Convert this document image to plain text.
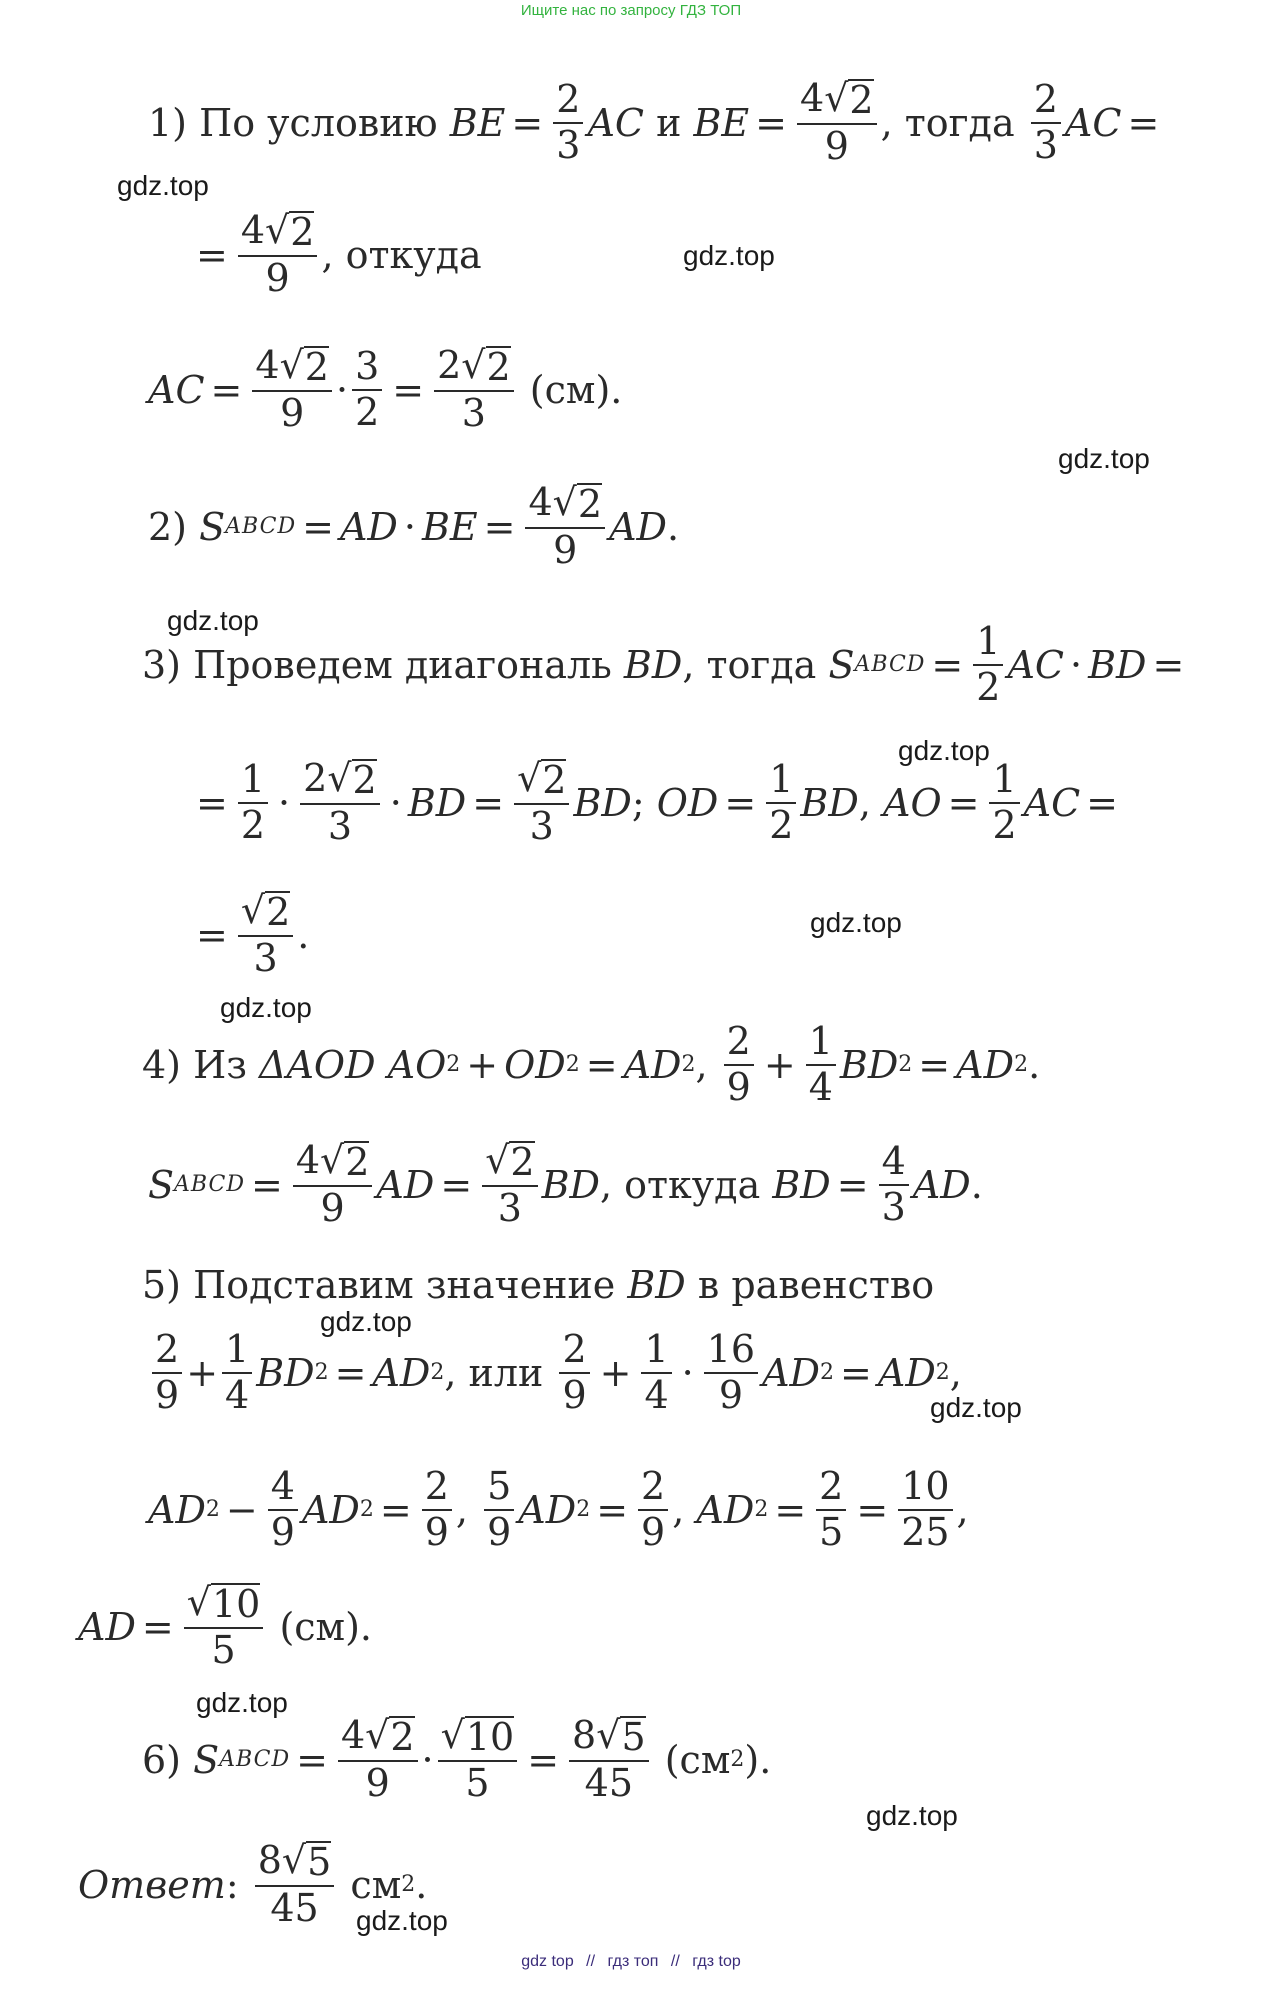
Ищите нас по запросу ГДЗ ТОП
gdz.top
gdz.top
gdz.top
gdz.top
gdz.top
gdz.top
gdz.top
gdz.top
gdz.top
gdz.top
gdz.top
gdz.top
1) По условию
BE = $\frac{2}{3}$ AC
и
BE = $\frac{4 √ 2}{9}$ , тогда
$\frac{2}{3}$ AC =
= $\frac{4 √ 2}{9}$ , откуда
AC = $\frac{4 √ 2}{9} \cdot \frac{3}{2} = \frac{2 √ 2}{3}$
(см).
2)
S ABCD = AD · BE = $\frac{4 √ 2}{9}$ AD .
3) Проведем диагональ
BD , тогда
S ABCD = $\frac{1}{2}$ AC · BD =
= $\frac{1}{2} \cdot \frac{2 √ 2}{3}$ · BD = $\frac{√ 2}{3}$ BD ; OD = $\frac{1}{2}$ BD , AO = $\frac{1}{2}$ AC =
= $\frac{√ 2}{3}$ .
4) Из
ΔAOD
AO 2 + OD 2 = AD 2 , $\frac{2}{9} + \frac{1}{4}$ BD 2 = AD 2 .
S ABCD = $\frac{4 √ 2}{9}$ AD = $\frac{√ 2}{3}$ BD , откуда
BD = $\frac{4}{3}$ AD .
5) Подставим значение
BD
в равенство
$\frac{2}{9} + \frac{1}{4}$ BD 2 = AD 2 , или
$\frac{2}{9} + \frac{1}{4} \cdot \frac{16}{9}$ AD 2 = AD 2 ,
AD $2 - \frac{4}{9}$ AD $2 = \frac{2}{9}$ , $\frac{5}{9}$ AD $2 = \frac{2}{9}$ , AD $2 = \frac{2}{5} = \frac{10}{25}$ ,
AD = $\frac{√ 10}{5}$
(см).
6)
S ABCD = $\frac{4 √ 2}{9} \cdot \frac{√ 10}{5} = \frac{8 √ 5}{45}$
(см 2 ).
Ответ : $\frac{8 √ 5}{45}$
см 2 .
gdz top // гдз топ // гдз top
